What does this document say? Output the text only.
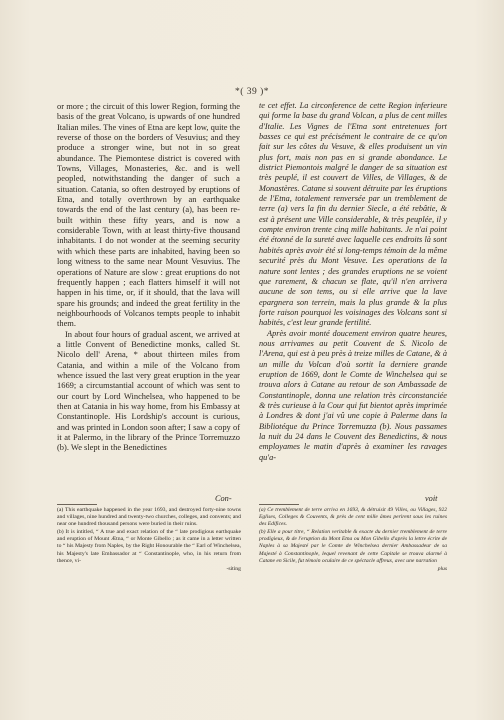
*( 39 )*

or more ; the circuit of this lower Region, forming the basis of the great Volcano, is upwards of one hundred Italian miles. The vines of Etna are kept low, quite the reverse of those on the borders of Vesuvius; and they produce a stronger wine, but not in so great abundance. The Piemontese district is covered with Towns, Villages, Monasteries, &c. and is well peopled, notwithstanding the danger of such a situation. Catania, so often destroyed by eruptions of Etna, and totally overthrown by an earthquake towards the end of the last century (a), has been re-built within these fifty years, and is now a considerable Town, with at least thirty-five thousand inhabitants. I do not wonder at the seeming security with which these parts are inhabited, having been so long witness to the same near Mount Vesuvius. The operations of Nature are slow : great eruptions do not frequently happen ; each flatters himself it will not happen in his time, or, if it should, that the lava will spare his grounds; and indeed the great fertility in the neighbourhoods of Volcanos tempts people to inhabit them.

In about four hours of gradual ascent, we arrived at a little Convent of Benedictine monks, called St. Nicolo dell' Arena, * about thirteen miles from Catania, and within a mile of the Volcano from whence issued the last very great eruption in the year 1669; a circumstantial account of which was sent to our court by Lord Winchelsea, who happened to be then at Catania in his way home, from his Embassy at Constantinople. His Lordship's account is curious, and was printed in London soon after; I saw a copy of it at Palermo, in the library of the Prince Torremuzzo (b). We slept in the Benedictines

Con-

te cet effet. La circonference de cette Region inferieure qui forme la base du grand Volcan, a plus de cent milles d'Italie. Les Vignes de l'Etna sont entretenues fort basses ce qui est précisément le contraire de ce qu'on fait sur les côtes du Vesuve, & elles produisent un vin plus fort, mais non pas en si grande abondance. Le district Piemontois malgré le danger de sa situation est très peuplé, il est couvert de Villes, de Villages, & de Monastères. Catane si souvent détruite par les éruptions de l'Etna, totalement renversée par un tremblement de terre (a) vers la fin du dernier Siecle, a été rebâtie, & est à présent une Ville considerable, & très peuplée, il y compte environ trente cinq mille habitants. Je n'ai point été étonné de la sureté avec laquelle ces endroits là sont habités après avoir été si long-temps témoin de la même securité près du Mont Vesuve. Les operations de la nature sont lentes ; des grandes eruptions ne se voient que rarement, & chacun se flate, qu'il n'en arrivera aucune de son tems, ou si elle arrive que la lave epargnera son terrein, mais la plus grande & la plus forte raison pourquoi les voisinages des Volcans sont si habités, c'est leur grande fertilité.

Après avoir monté doucement environ quatre heures, nous arrivames au petit Couvent de S. Nicolo de l'Arena, qui est à peu près à treize milles de Catane, & à un mille du Volcan d'où sortit la derniere grande eruption de 1669, dont le Comte de Winchelsea qui se trouva alors à Catane au retour de son Ambassade de Constantinople, donna une relation très circonstanciée & très curieuse à la Cour qui fut bientot après imprimée à Londres & dont j'ai vû une copie à Palerme dans la Bibliotéque du Prince Torremuzza (b). Nous passames la nuit du 24 dans le Couvent des Benedictins, & nous employames le matin d'après à examiner les ravages qu'a-

voit

(a) This earthquake happened in the year 1693, and destroyed forty-nine towns and villages, nine hundred and twenty-two churches, colleges, and convents; and near one hundred thousand persons were buried in their ruins.

(b) It is intitled, “ A true and exact relation of the “ late prodigious earthquake and eruption of Mount Ætna, “ or Monte Gibello ; as it came in a letter written to “ his Majesty from Naples, by the Right Honourable the “ Earl of Winchelsea, his Majesty's late Embassador at “ Constantinople, who, in his return from thence, vi-

-siting

(a) Ce tremblement de terre arriva en 1693, & détruisit 49 Villes, ou Villages, 922 Eglises, Colleges & Couvents, & près de cent mille âmes perirent sous les ruines des Edifices.

(b) Elle a pour titre, “ Relation veritable & exacte du dernier tremblement de terre prodigieux, & de l'eruption du Mont Etna ou Mon Gibello d'après la lettre écrite de Naples à sa Majesté par le Comte de Winchelsea dernier Ambassadeur de sa Majesté à Constantinople, lequel revenant de cette Capitale se trouva alarmé à Catane en Sicile, fut témoin oculaire de ce spéctacle affreux, avec une narration

plus
